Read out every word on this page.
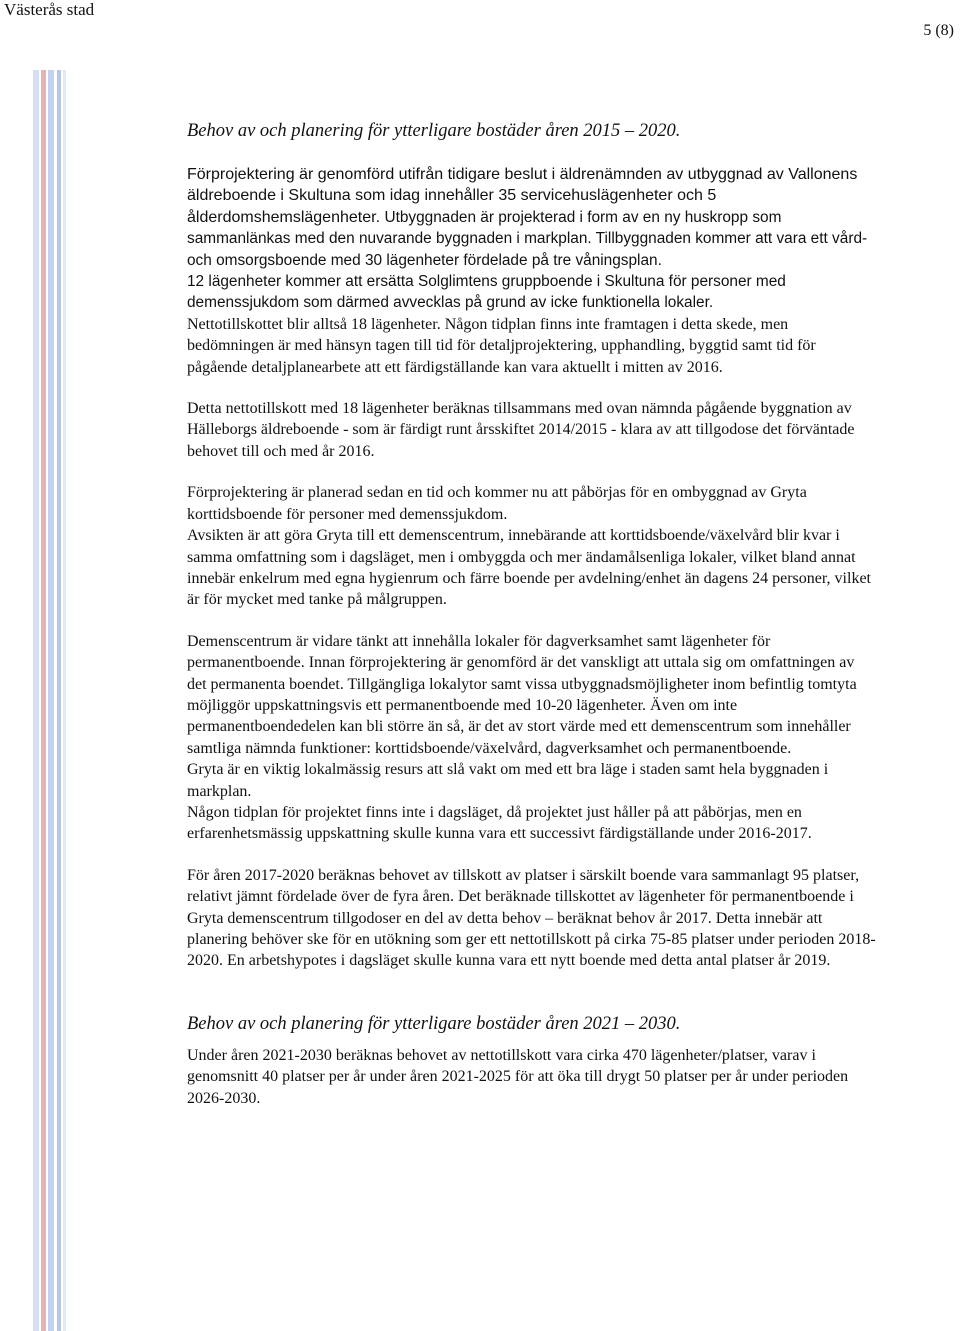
Västerås stad
5 (8)
Behov av och planering för ytterligare bostäder åren 2015 – 2020.

Förprojektering är genomförd utifrån tidigare beslut i äldrenämnden av utbyggnad av Vallonens äldreboende i Skultuna som idag innehåller 35 servicehuslägenheter och 5 ålderdomshemslägenheter. Utbyggnaden är projekterad i form av en ny huskropp som sammanlänkas med den nuvarande byggnaden i markplan. Tillbyggnaden kommer att vara ett vård- och omsorgsboende med 30 lägenheter fördelade på tre våningsplan.
12 lägenheter kommer att ersätta Solglimtens gruppboende i Skultuna för personer med demenssjukdom som därmed avvecklas på grund av icke funktionella lokaler.
Nettotillskottet blir alltså 18 lägenheter. Någon tidplan finns inte framtagen i detta skede, men bedömningen är med hänsyn tagen till tid för detaljprojektering, upphandling, byggtid samt tid för pågående detaljplanearbete att ett färdigställande kan vara aktuellt i mitten av 2016.

Detta nettotillskott med 18 lägenheter beräknas tillsammans med ovan nämnda pågående byggnation av Hälleborgs äldreboende - som är färdigt runt årsskiftet 2014/2015 - klara av att tillgodose det förväntade behovet till och med år 2016.

Förprojektering är planerad sedan en tid och kommer nu att påbörjas för en ombyggnad av Gryta korttidsboende för personer med demenssjukdom.
Avsikten är att göra Gryta till ett demenscentrum, innebärande att korttidsboende/växelvård blir kvar i samma omfattning som i dagsläget, men i ombyggda och mer ändamålsenliga lokaler, vilket bland annat innebär enkelrum med egna hygienrum och färre boende per avdelning/enhet än dagens 24 personer, vilket är för mycket med tanke på målgruppen.

Demenscentrum är vidare tänkt att innehålla lokaler för dagverksamhet samt lägenheter för permanentboende. Innan förprojektering är genomförd är det vanskligt att uttala sig om omfattningen av det permanenta boendet. Tillgängliga lokalytor samt vissa utbyggnadsmöjligheter inom befintlig tomtyta möjliggör uppskattningsvis ett permanentboende med 10-20 lägenheter. Även om inte permanentboendedelen kan bli större än så, är det av stort värde med ett demenscentrum som innehåller samtliga nämnda funktioner: korttidsboende/växelvård, dagverksamhet och permanentboende.
Gryta är en viktig lokalmässig resurs att slå vakt om med ett bra läge i staden samt hela byggnaden i markplan.
Någon tidplan för projektet finns inte i dagsläget, då projektet just håller på att påbörjas, men en erfarenhetsmässig uppskattning skulle kunna vara ett successivt färdigställande under 2016-2017.

För åren 2017-2020 beräknas behovet av tillskott av platser i särskilt boende vara sammanlagt 95 platser, relativt jämnt fördelade över de fyra åren. Det beräknade tillskottet av lägenheter för permanentboende i Gryta demenscentrum tillgodoser en del av detta behov – beräknat behov år 2017. Detta innebär att planering behöver ske för en utökning som ger ett nettotillskott på cirka 75-85 platser under perioden 2018-2020. En arbetshypotes i dagsläget skulle kunna vara ett nytt boende med detta antal platser år 2019.

Behov av och planering för ytterligare bostäder åren 2021 – 2030.

Under åren 2021-2030 beräknas behovet av nettotillskott vara cirka 470 lägenheter/platser, varav i genomsnitt 40 platser per år under åren 2021-2025 för att öka till drygt 50 platser per år under perioden 2026-2030.
